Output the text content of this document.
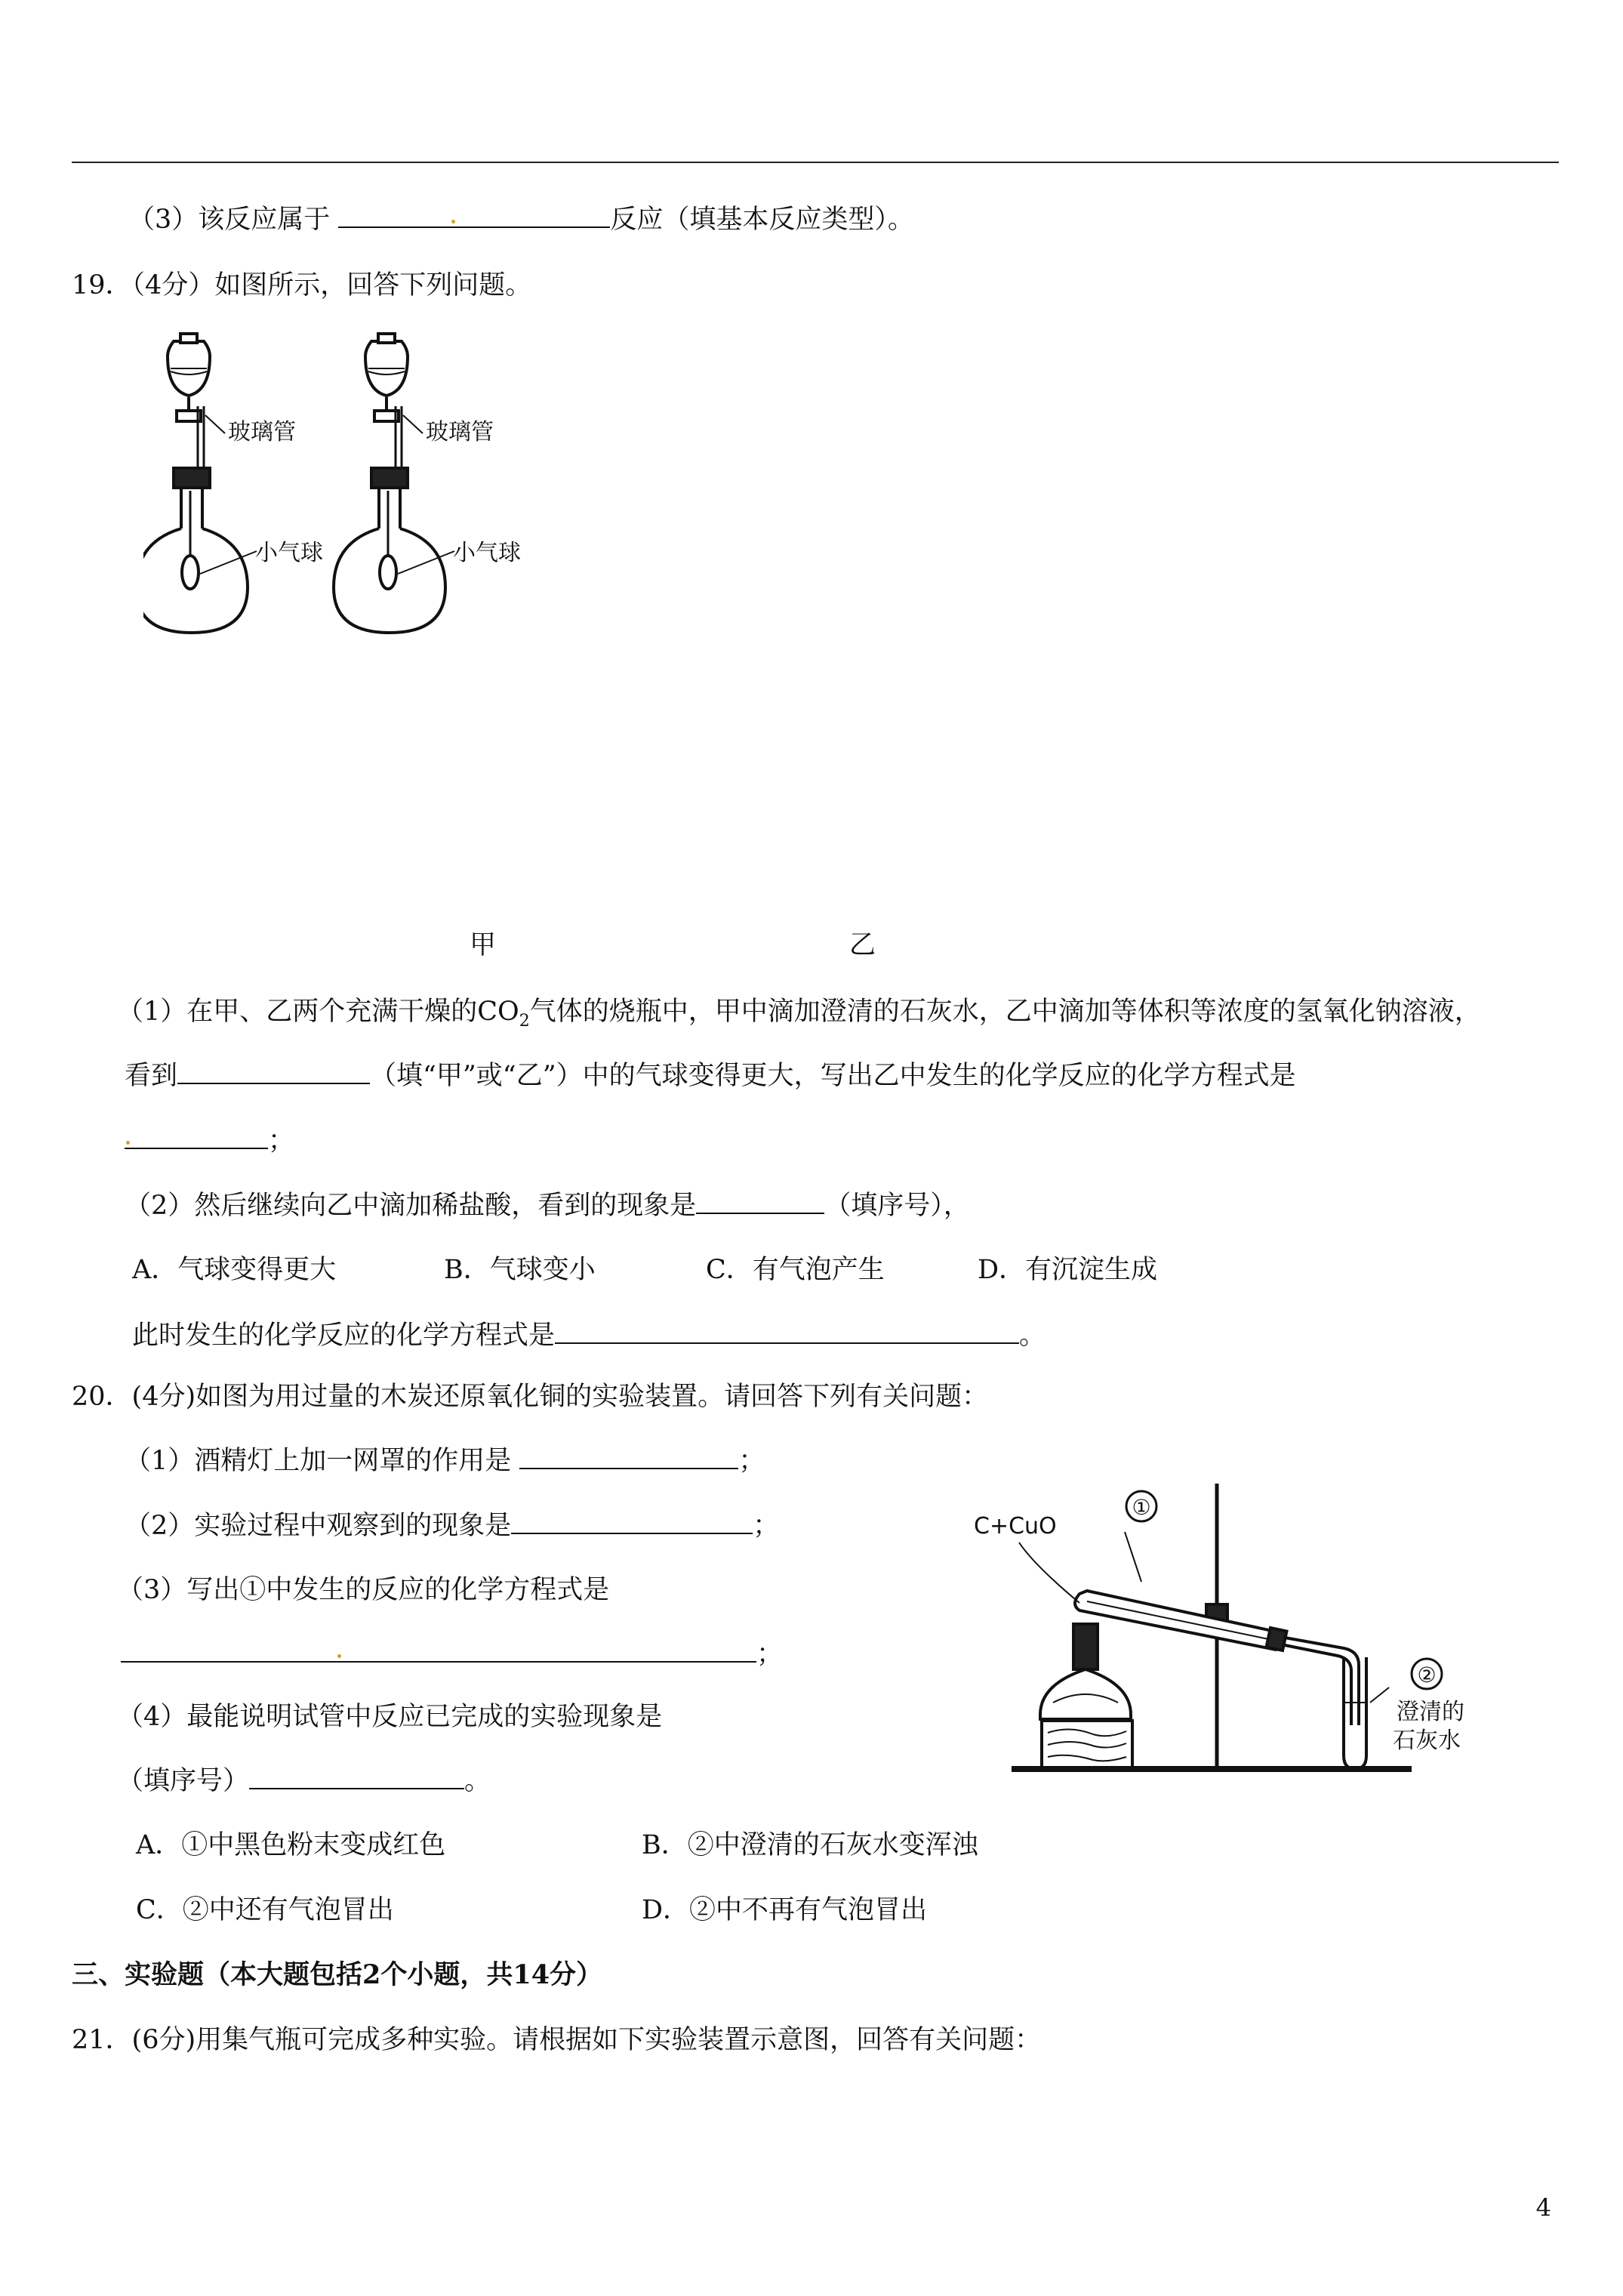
（3）该反应属于	反应（填基本反应类型）。
19．（4分）如图所示，回答下列问题。
玻璃管
小气球
玻璃管
小气球
甲	乙
（1）在甲、乙两个充满干燥的$CO_2$气体的烧瓶中，甲中滴加澄清的石灰水，乙中滴加等体积等浓度的氢氧化钠溶液，
看到	（填“甲”或“乙”）中的气球变得更大，写出乙中发生的化学反应的化学方程式是
；
（2）然后继续向乙中滴加稀盐酸，看到的现象是	（填序号），
A．气球变得更大	B．气球变小	C．有气泡产生	D．有沉淀生成
此时发生的化学反应的化学方程式是	。
20．(4分)如图为用过量的木炭还原氧化铜的实验装置。请回答下列有关问题：
（1）酒精灯上加一网罩的作用是	；
（2）实验过程中观察到的现象是	；
（3）写出①中发生的反应的化学方程式是
；
（4）最能说明试管中反应已完成的实验现象是
（填序号）	。
A．①中黑色粉末变成红色	B．②中澄清的石灰水变浑浊
C．②中还有气泡冒出	D．②中不再有气泡冒出
C+CuO
①
②
澄清的
石灰水
三、实验题（本大题包括2个小题，共14分）
21．(6分)用集气瓶可完成多种实验。请根据如下实验装置示意图，回答有关问题：
4
